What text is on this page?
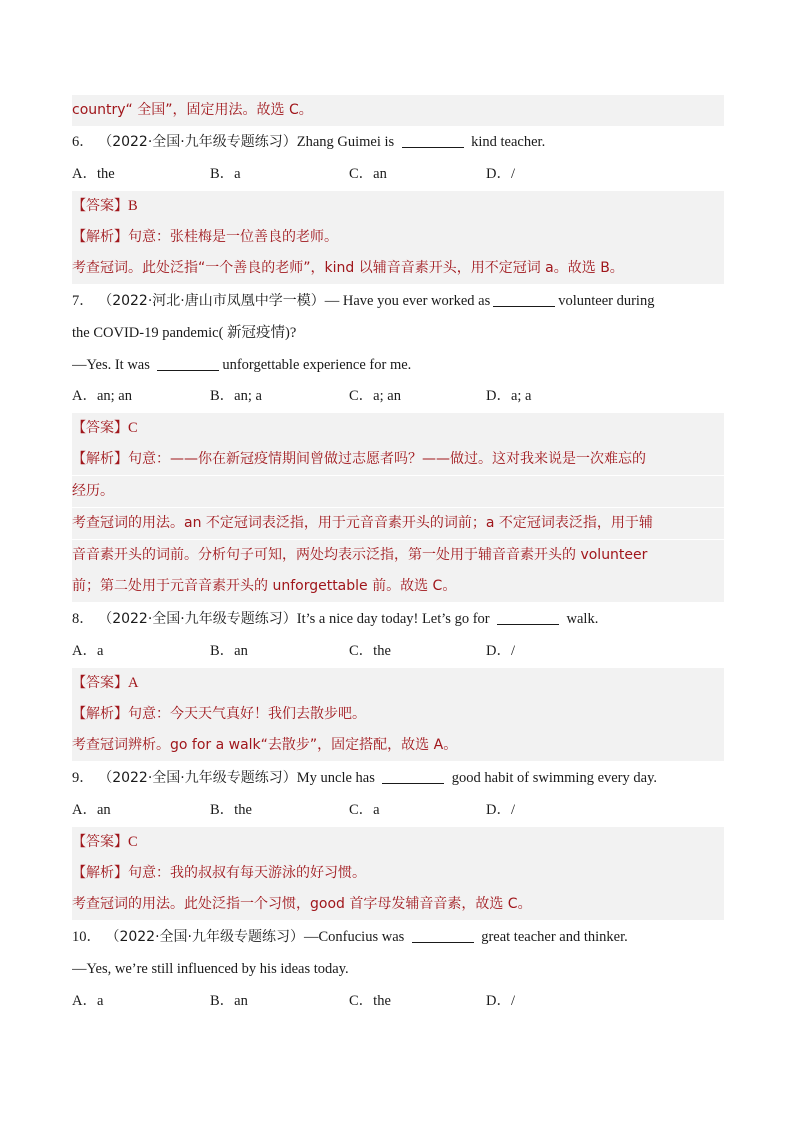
country“ 全国”，固定用法。故选 C。
6． （2022·全国·九年级专题练习）Zhang Guimei is	kind teacher.
A．the	B．a	C．an	D．/
【答案】B
【解析】句意：张桂梅是一位善良的老师。
考查冠词。此处泛指“一个善良的老师”，kind 以辅音音素开头，用不定冠词 a。故选 B。
7． （2022·河北·唐山市凤凰中学一模）— Have you ever worked as	volunteer during
the COVID-19 pandemic( 新冠疫情)?
—Yes. It was	unforgettable experience for me.
A．an; an	B．an; a	C．a; an	D．a; a
【答案】C
【解析】句意：——你在新冠疫情期间曾做过志愿者吗？——做过。这对我来说是一次难忘的
经历。
考查冠词的用法。an 不定冠词表泛指，用于元音音素开头的词前；a 不定冠词表泛指，用于辅
音音素开头的词前。分析句子可知，两处均表示泛指，第一处用于辅音音素开头的 volunteer
前；第二处用于元音音素开头的 unforgettable 前。故选 C。
8． （2022·全国·九年级专题练习）It’s a nice day today! Let’s go for	walk.
A．a	B．an	C．the	D．/
【答案】A
【解析】句意：今天天气真好！我们去散步吧。
考查冠词辨析。go for a walk“去散步”，固定搭配，故选 A。
9． （2022·全国·九年级专题练习）My uncle has	good habit of swimming every day.
A．an	B．the	C．a	D．/
【答案】C
【解析】句意：我的叔叔有每天游泳的好习惯。
考查冠词的用法。此处泛指一个习惯，good 首字母发辅音音素，故选 C。
10． （2022·全国·九年级专题练习）—Confucius was	great teacher and thinker.
—Yes, we’re still influenced by his ideas today.
A．a	B．an	C．the	D．/
